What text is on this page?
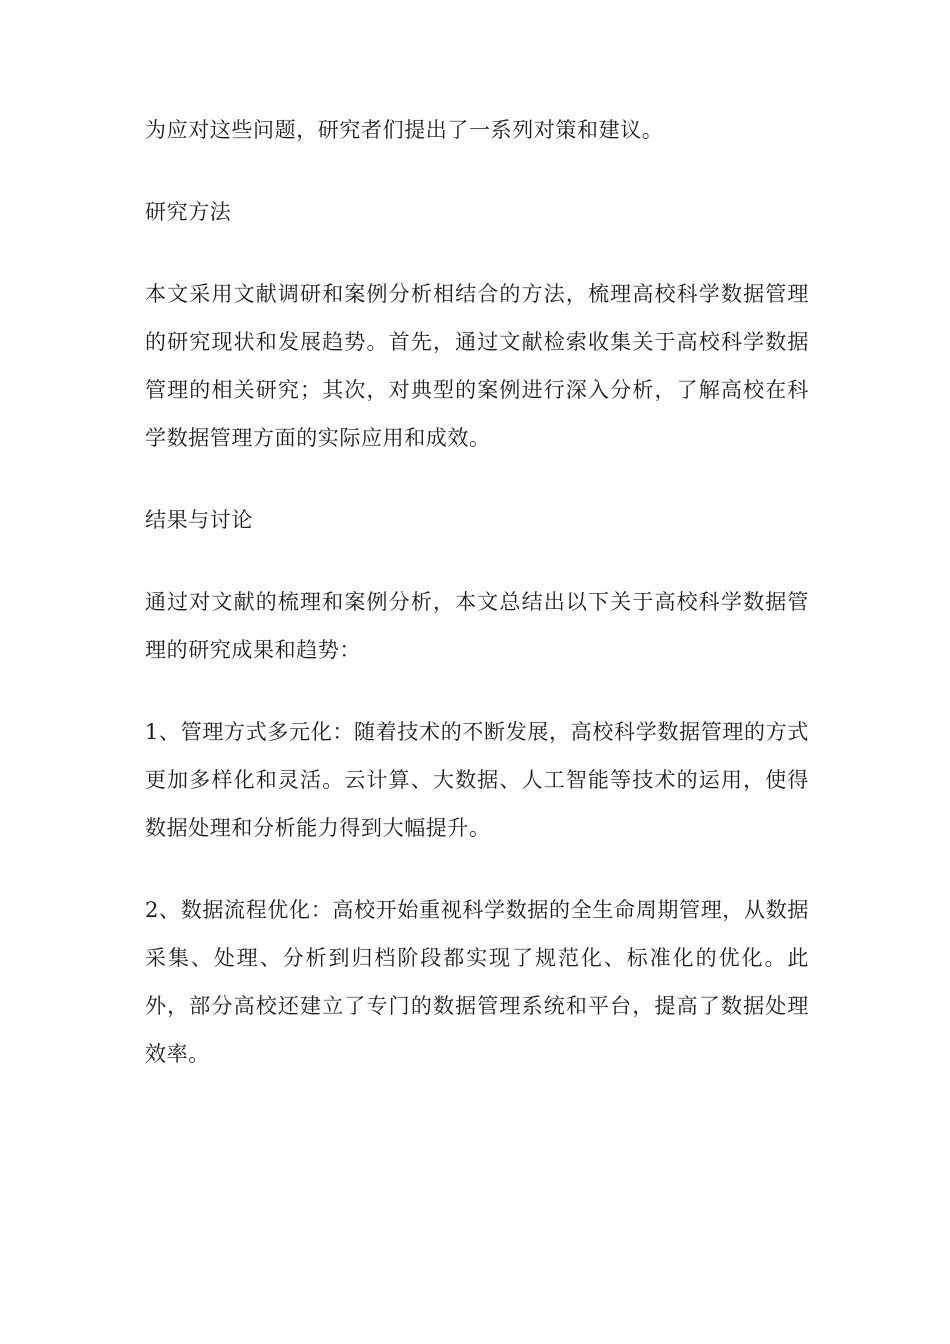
为应对这些问题，研究者们提出了一系列对策和建议。

研究方法

本文采用文献调研和案例分析相结合的方法，梳理高校科学数据管理的研究现状和发展趋势。首先，通过文献检索收集关于高校科学数据管理的相关研究；其次，对典型的案例进行深入分析，了解高校在科学数据管理方面的实际应用和成效。

结果与讨论

通过对文献的梳理和案例分析，本文总结出以下关于高校科学数据管理的研究成果和趋势：

1、管理方式多元化：随着技术的不断发展，高校科学数据管理的方式更加多样化和灵活。云计算、大数据、人工智能等技术的运用，使得数据处理和分析能力得到大幅提升。

2、数据流程优化：高校开始重视科学数据的全生命周期管理，从数据采集、处理、分析到归档阶段都实现了规范化、标准化的优化。此外，部分高校还建立了专门的数据管理系统和平台，提高了数据处理效率。
